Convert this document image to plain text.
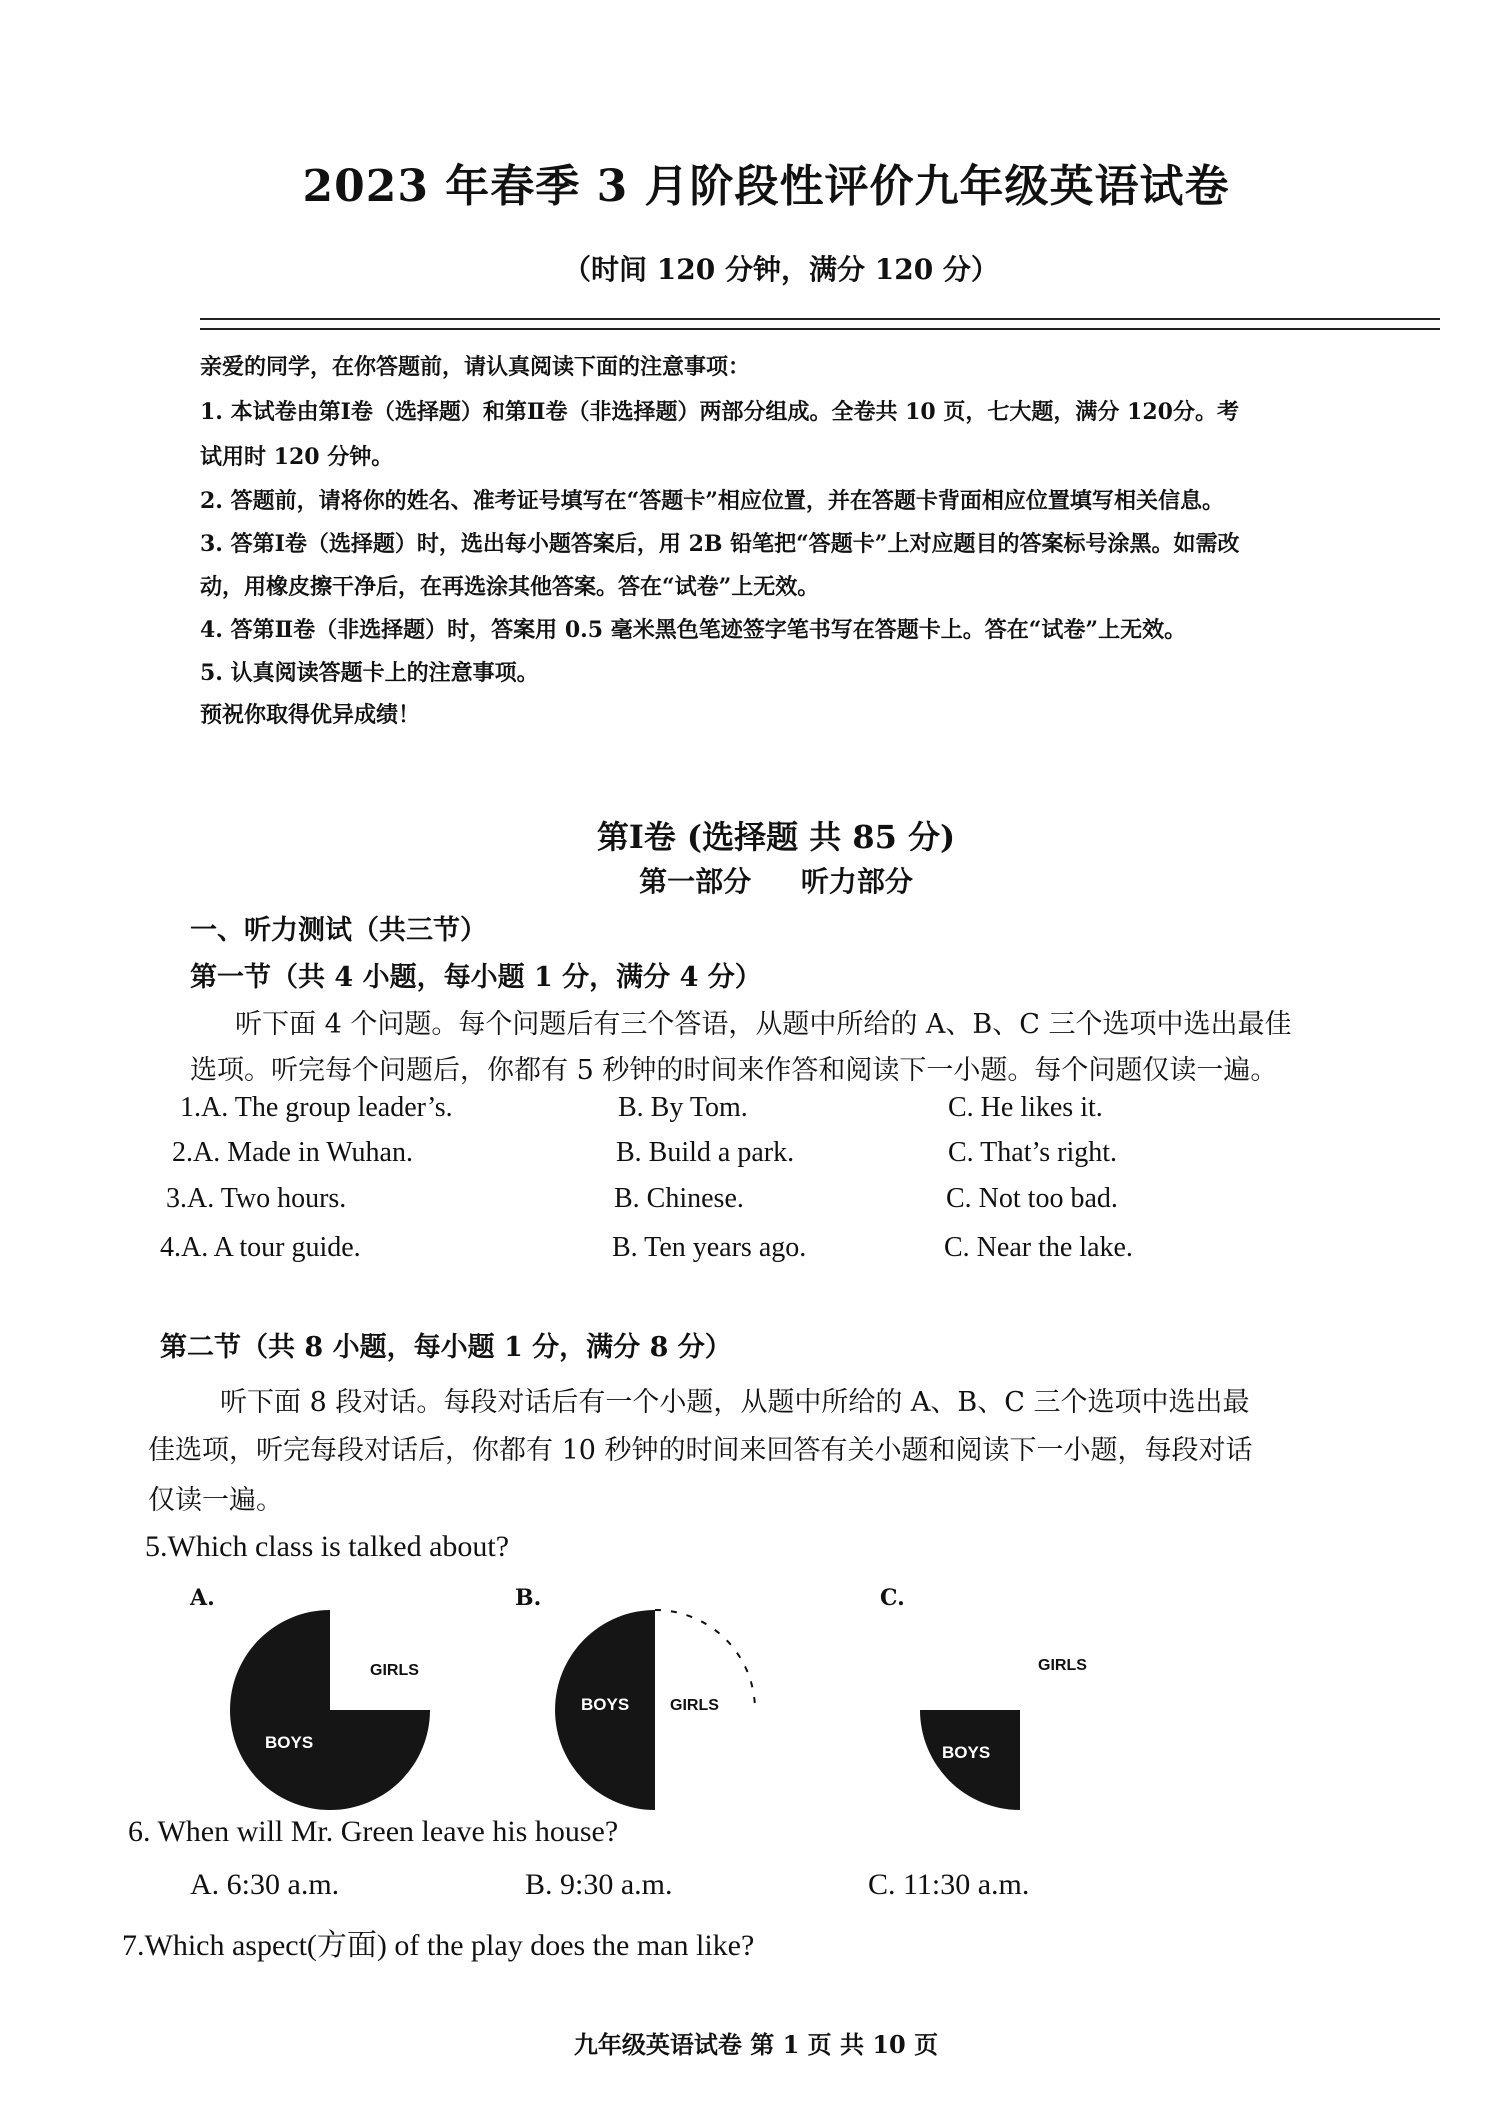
2023 年春季 3 月阶段性评价九年级英语试卷
（时间 120 分钟，满分 120 分）
亲爱的同学，在你答题前，请认真阅读下面的注意事项：
1. 本试卷由第Ⅰ卷（选择题）和第Ⅱ卷（非选择题）两部分组成。全卷共 10 页，七大题，满分 120分。考
试用时 120 分钟。
2. 答题前，请将你的姓名、准考证号填写在“答题卡”相应位置，并在答题卡背面相应位置填写相关信息。
3. 答第Ⅰ卷（选择题）时，选出每小题答案后，用 2B 铅笔把“答题卡”上对应题目的答案标号涂黑。如需改
动，用橡皮擦干净后，在再选涂其他答案。答在“试卷”上无效。
4. 答第Ⅱ卷（非选择题）时，答案用 0.5 毫米黑色笔迹签字笔书写在答题卡上。答在“试卷”上无效。
5. 认真阅读答题卡上的注意事项。
预祝你取得优异成绩！
第Ⅰ卷 (选择题 共 85 分)
第一部分 听力部分
一、听力测试（共三节）
第一节（共 4 小题，每小题 1 分，满分 4 分）
听下面 4 个问题。每个问题后有三个答语，从题中所给的 A、B、C 三个选项中选出最佳
选项。听完每个问题后，你都有 5 秒钟的时间来作答和阅读下一小题。每个问题仅读一遍。
1.A. The group leader’s.	B. By Tom.	C. He likes it.
2.A. Made in Wuhan.	B. Build a park.	C. That’s right.
3.A. Two hours.	B. Chinese.	C. Not too bad.
4.A. A tour guide.	B. Ten years ago.	C. Near the lake.
第二节（共 8 小题，每小题 1 分，满分 8 分）
听下面 8 段对话。每段对话后有一个小题，从题中所给的 A、B、C 三个选项中选出最
佳选项，听完每段对话后，你都有 10 秒钟的时间来回答有关小题和阅读下一小题，每段对话
仅读一遍。
5.Which class is talked about?
A.
GIRLS
BOYS
B.
BOYS	GIRLS
C.
BOYS
GIRLS
6. When will Mr. Green leave his house?
A. 6:30 a.m.	B. 9:30 a.m.	C. 11:30 a.m.
7.Which aspect(方面) of the play does the man like?
九年级英语试卷 第 1 页 共 10 页
